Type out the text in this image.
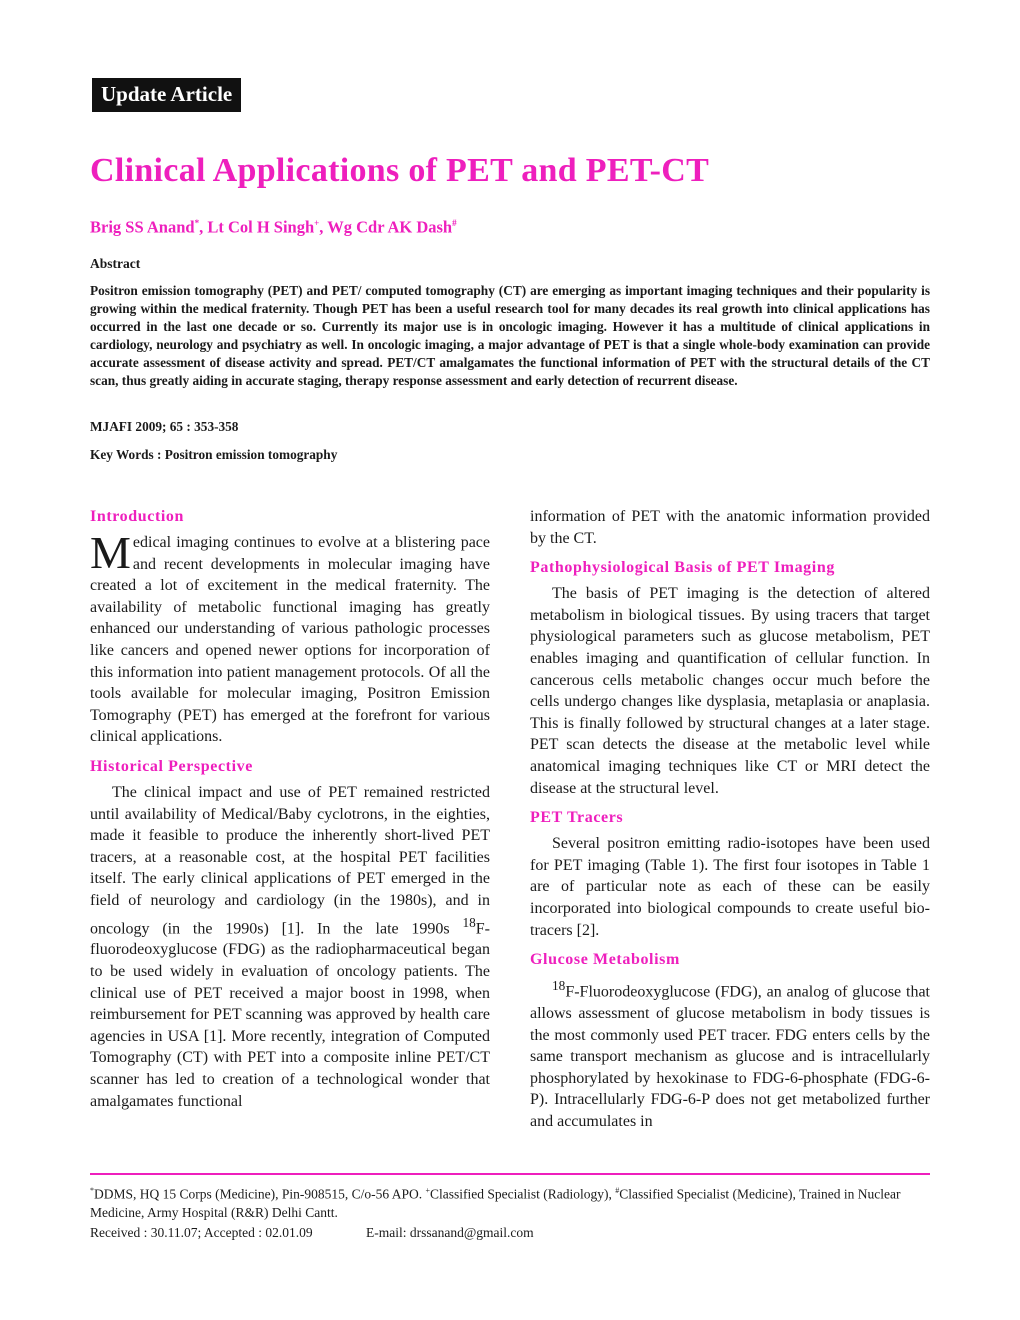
Update Article
Clinical Applications of PET and PET-CT
Brig SS Anand*, Lt Col H Singh+, Wg Cdr AK Dash#
Abstract

Positron emission tomography (PET) and PET/ computed tomography (CT) are emerging as important imaging techniques and their popularity is growing within the medical fraternity. Though PET has been a useful research tool for many decades its real growth into clinical applications has occurred in the last one decade or so. Currently its major use is in oncologic imaging. However it has a multitude of clinical applications in cardiology, neurology and psychiatry as well. In oncologic imaging, a major advantage of PET is that a single whole-body examination can provide accurate assessment of disease activity and spread. PET/CT amalgamates the functional information of PET with the structural details of the CT scan, thus greatly aiding in accurate staging, therapy response assessment and early detection of recurrent disease.

MJAFI 2009; 65 : 353-358
Key Words : Positron emission tomography
Introduction

Medical imaging continues to evolve at a blistering pace and recent developments in molecular imaging have created a lot of excitement in the medical fraternity. The availability of metabolic functional imaging has greatly enhanced our understanding of various pathologic processes like cancers and opened newer options for incorporation of this information into patient management protocols. Of all the tools available for molecular imaging, Positron Emission Tomography (PET) has emerged at the forefront for various clinical applications.

Historical Perspective

The clinical impact and use of PET remained restricted until availability of Medical/Baby cyclotrons, in the eighties, made it feasible to produce the inherently short-lived PET tracers, at a reasonable cost, at the hospital PET facilities itself. The early clinical applications of PET emerged in the field of neurology and cardiology (in the 1980s), and in oncology (in the 1990s) [1]. In the late 1990s $^{18}$F- fluorodeoxyglucose (FDG) as the radiopharmaceutical began to be used widely in evaluation of oncology patients. The clinical use of PET received a major boost in 1998, when reimbursement for PET scanning was approved by health care agencies in USA [1]. More recently, integration of Computed Tomography (CT) with PET into a composite inline PET/CT scanner has led to creation of a technological wonder that amalgamates functional

information of PET with the anatomic information provided by the CT.

Pathophysiological Basis of PET Imaging

The basis of PET imaging is the detection of altered metabolism in biological tissues. By using tracers that target physiological parameters such as glucose metabolism, PET enables imaging and quantification of cellular function. In cancerous cells metabolic changes occur much before the cells undergo changes like dysplasia, metaplasia or anaplasia. This is finally followed by structural changes at a later stage. PET scan detects the disease at the metabolic level while anatomical imaging techniques like CT or MRI detect the disease at the structural level.

PET Tracers

Several positron emitting radio-isotopes have been used for PET imaging (Table 1). The first four isotopes in Table 1 are of particular note as each of these can be easily incorporated into biological compounds to create useful bio-tracers [2].

Glucose Metabolism

$^{18}$F-Fluorodeoxyglucose (FDG), an analog of glucose that allows assessment of glucose metabolism in body tissues is the most commonly used PET tracer. FDG enters cells by the same transport mechanism as glucose and is intracellularly phosphorylated by hexokinase to FDG-6-phosphate (FDG-6-P). Intracellularly FDG-6-P does not get metabolized further and accumulates in

*DDMS, HQ 15 Corps (Medicine), Pin-908515, C/o-56 APO. +Classified Specialist (Radiology), #Classified Specialist (Medicine), Trained in Nuclear Medicine, Army Hospital (R&R) Delhi Cantt.

Received : 30.11.07; Accepted : 02.01.09	E-mail: drssanand@gmail.com
